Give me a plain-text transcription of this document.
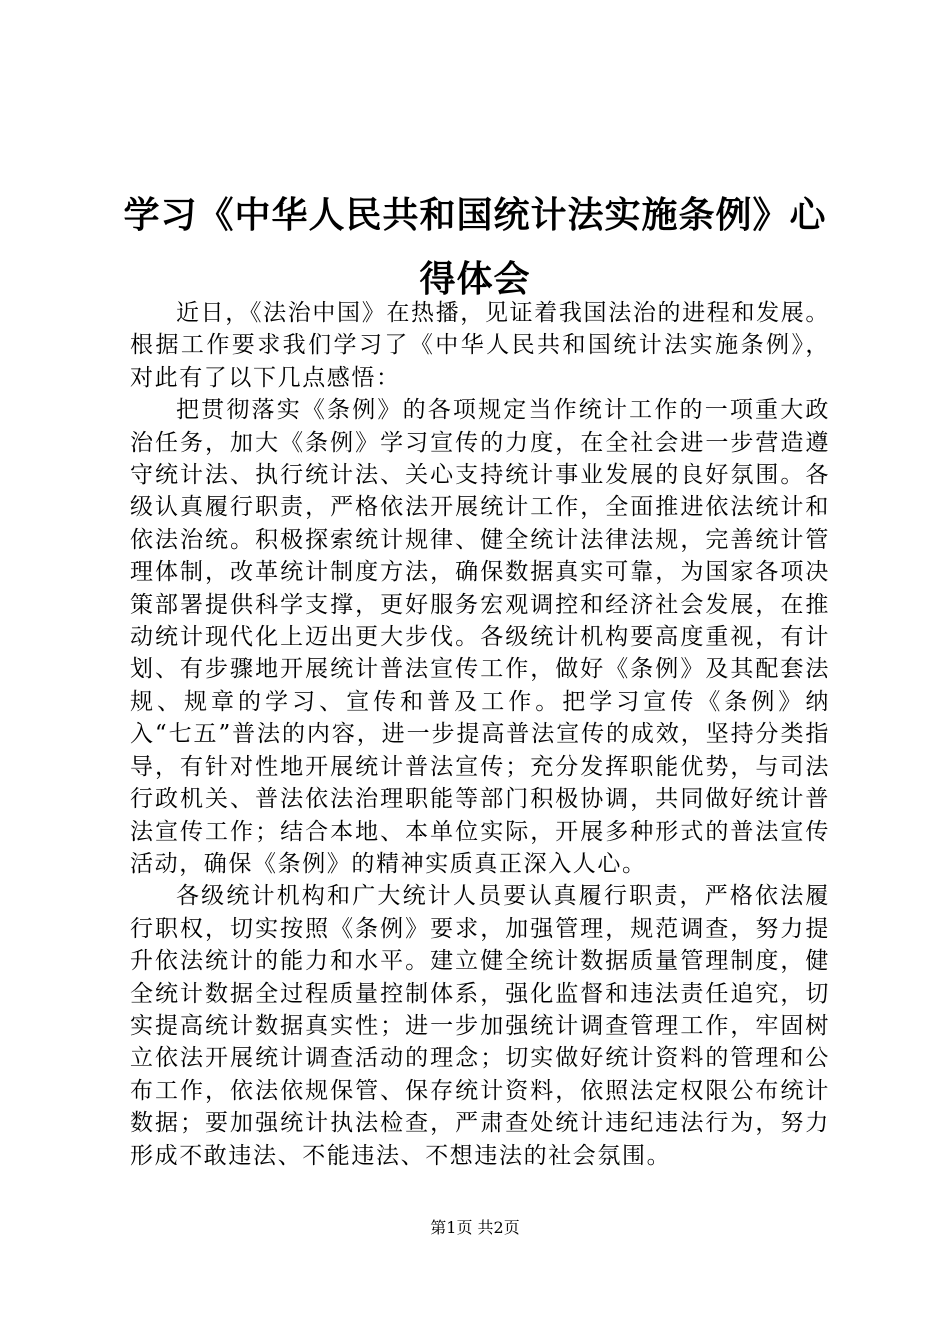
学习《中华人民共和国统计法实施条例》心得体会

近日，《法治中国》在热播，见证着我国法治的进程和发展。根据工作要求我们学习了《中华人民共和国统计法实施条例》，对此有了以下几点感悟：

把贯彻落实《条例》的各项规定当作统计工作的一项重大政治任务，加大《条例》学习宣传的力度，在全社会进一步营造遵守统计法、执行统计法、关心支持统计事业发展的良好氛围。各级认真履行职责，严格依法开展统计工作，全面推进依法统计和依法治统。积极探索统计规律、健全统计法律法规，完善统计管理体制，改革统计制度方法，确保数据真实可靠，为国家各项决策部署提供科学支撑，更好服务宏观调控和经济社会发展，在推动统计现代化上迈出更大步伐。各级统计机构要高度重视，有计划、有步骤地开展统计普法宣传工作，做好《条例》及其配套法规、规章的学习、宣传和普及工作。把学习宣传《条例》纳入“七五”普法的内容，进一步提高普法宣传的成效，坚持分类指导，有针对性地开展统计普法宣传；充分发挥职能优势，与司法行政机关、普法依法治理职能等部门积极协调，共同做好统计普法宣传工作；结合本地、本单位实际，开展多种形式的普法宣传活动，确保《条例》的精神实质真正深入人心。

各级统计机构和广大统计人员要认真履行职责，严格依法履行职权，切实按照《条例》要求，加强管理，规范调查，努力提升依法统计的能力和水平。建立健全统计数据质量管理制度，健全统计数据全过程质量控制体系，强化监督和违法责任追究，切实提高统计数据真实性；进一步加强统计调查管理工作，牢固树立依法开展统计调查活动的理念；切实做好统计资料的管理和公布工作，依法依规保管、保存统计资料，依照法定权限公布统计数据；要加强统计执法检查，严肃查处统计违纪违法行为，努力形成不敢违法、不能违法、不想违法的社会氛围。

第1页 共2页
